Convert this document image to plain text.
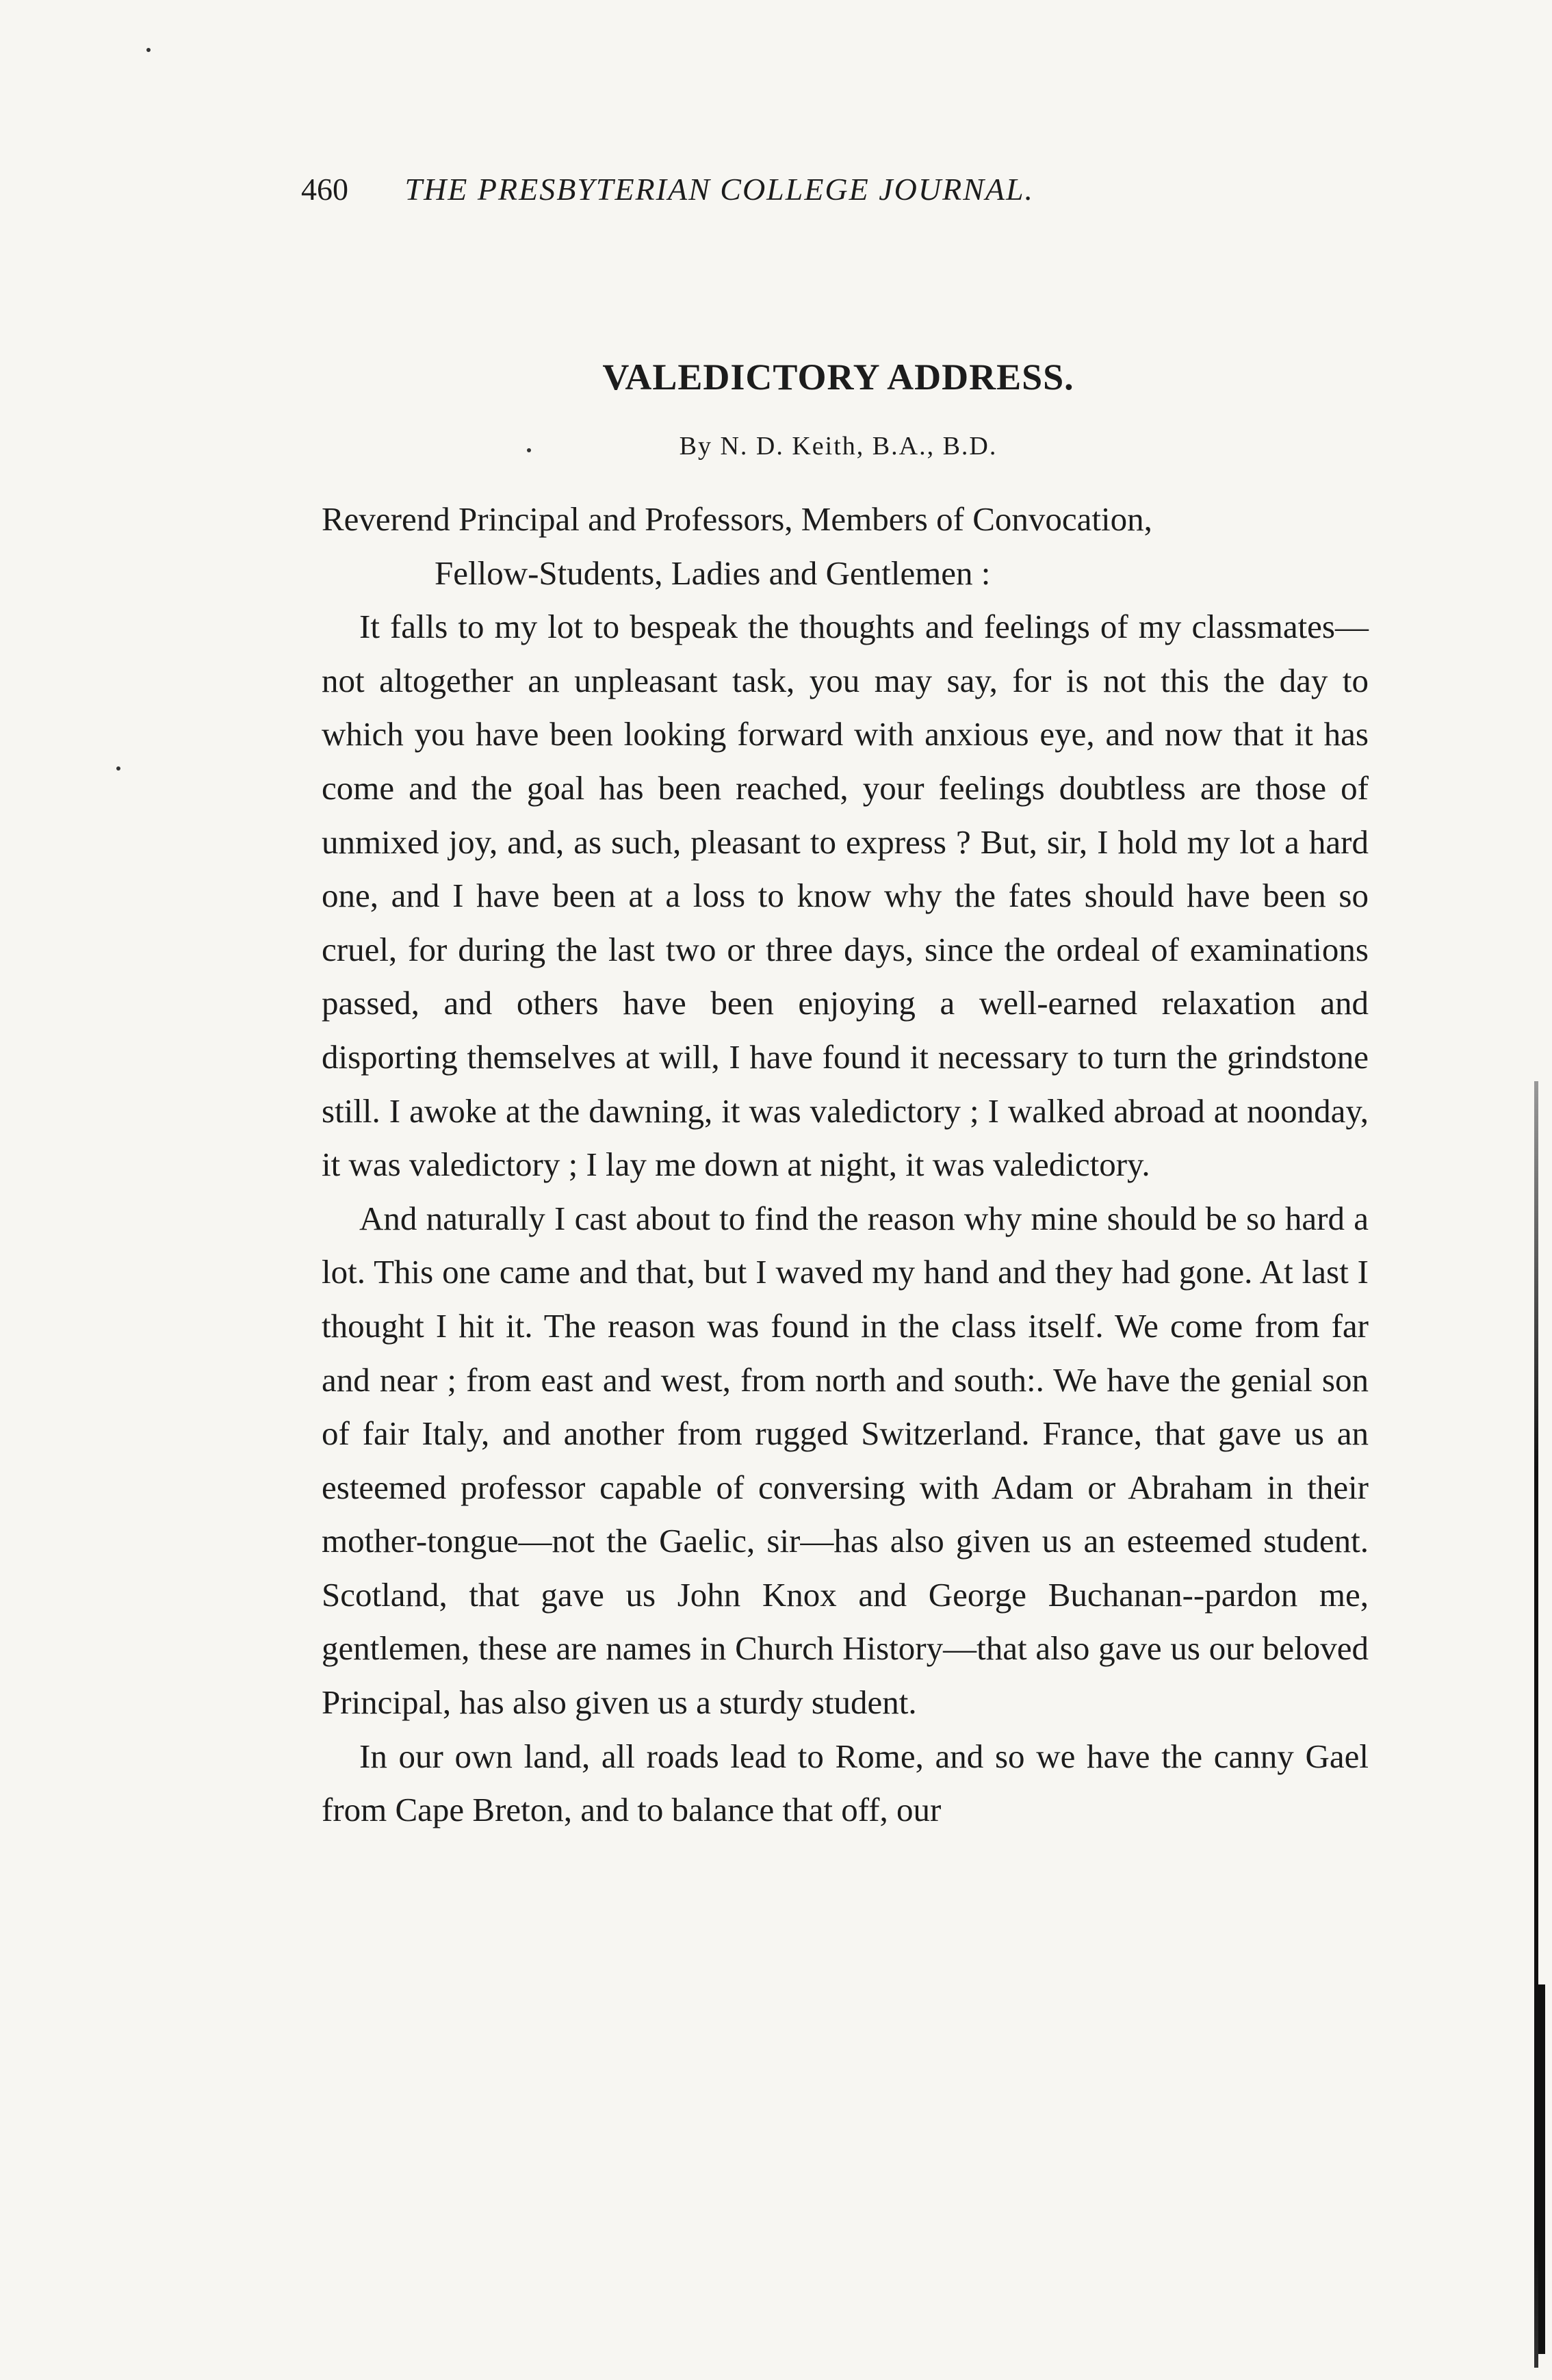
460 THE PRESBYTERIAN COLLEGE JOURNAL.
VALEDICTORY ADDRESS.
By N. D. Keith, B.A., B.D.

Reverend Principal and Professors, Members of Convocation,
Fellow-Students, Ladies and Gentlemen :

It falls to my lot to bespeak the thoughts and feelings of my classmates—not altogether an unpleasant task, you may say, for is not this the day to which you have been looking forward with anxious eye, and now that it has come and the goal has been reached, your feelings doubtless are those of unmixed joy, and, as such, pleasant to express ? But, sir, I hold my lot a hard one, and I have been at a loss to know why the fates should have been so cruel, for during the last two or three days, since the ordeal of examinations passed, and others have been enjoying a well-earned relaxation and disporting themselves at will, I have found it necessary to turn the grindstone still. I awoke at the dawning, it was valedictory ; I walked abroad at noonday, it was valedictory ; I lay me down at night, it was valedictory.

And naturally I cast about to find the reason why mine should be so hard a lot. This one came and that, but I waved my hand and they had gone. At last I thought I hit it. The reason was found in the class itself. We come from far and near ; from east and west, from north and south:. We have the genial son of fair Italy, and another from rugged Switzerland. France, that gave us an esteemed professor capable of conversing with Adam or Abraham in their mother-tongue—not the Gaelic, sir—has also given us an esteemed student. Scotland, that gave us John Knox and George Buchanan--pardon me, gentlemen, these are names in Church History—that also gave us our beloved Principal, has also given us a sturdy student.

In our own land, all roads lead to Rome, and so we have the canny Gael from Cape Breton, and to balance that off, our
